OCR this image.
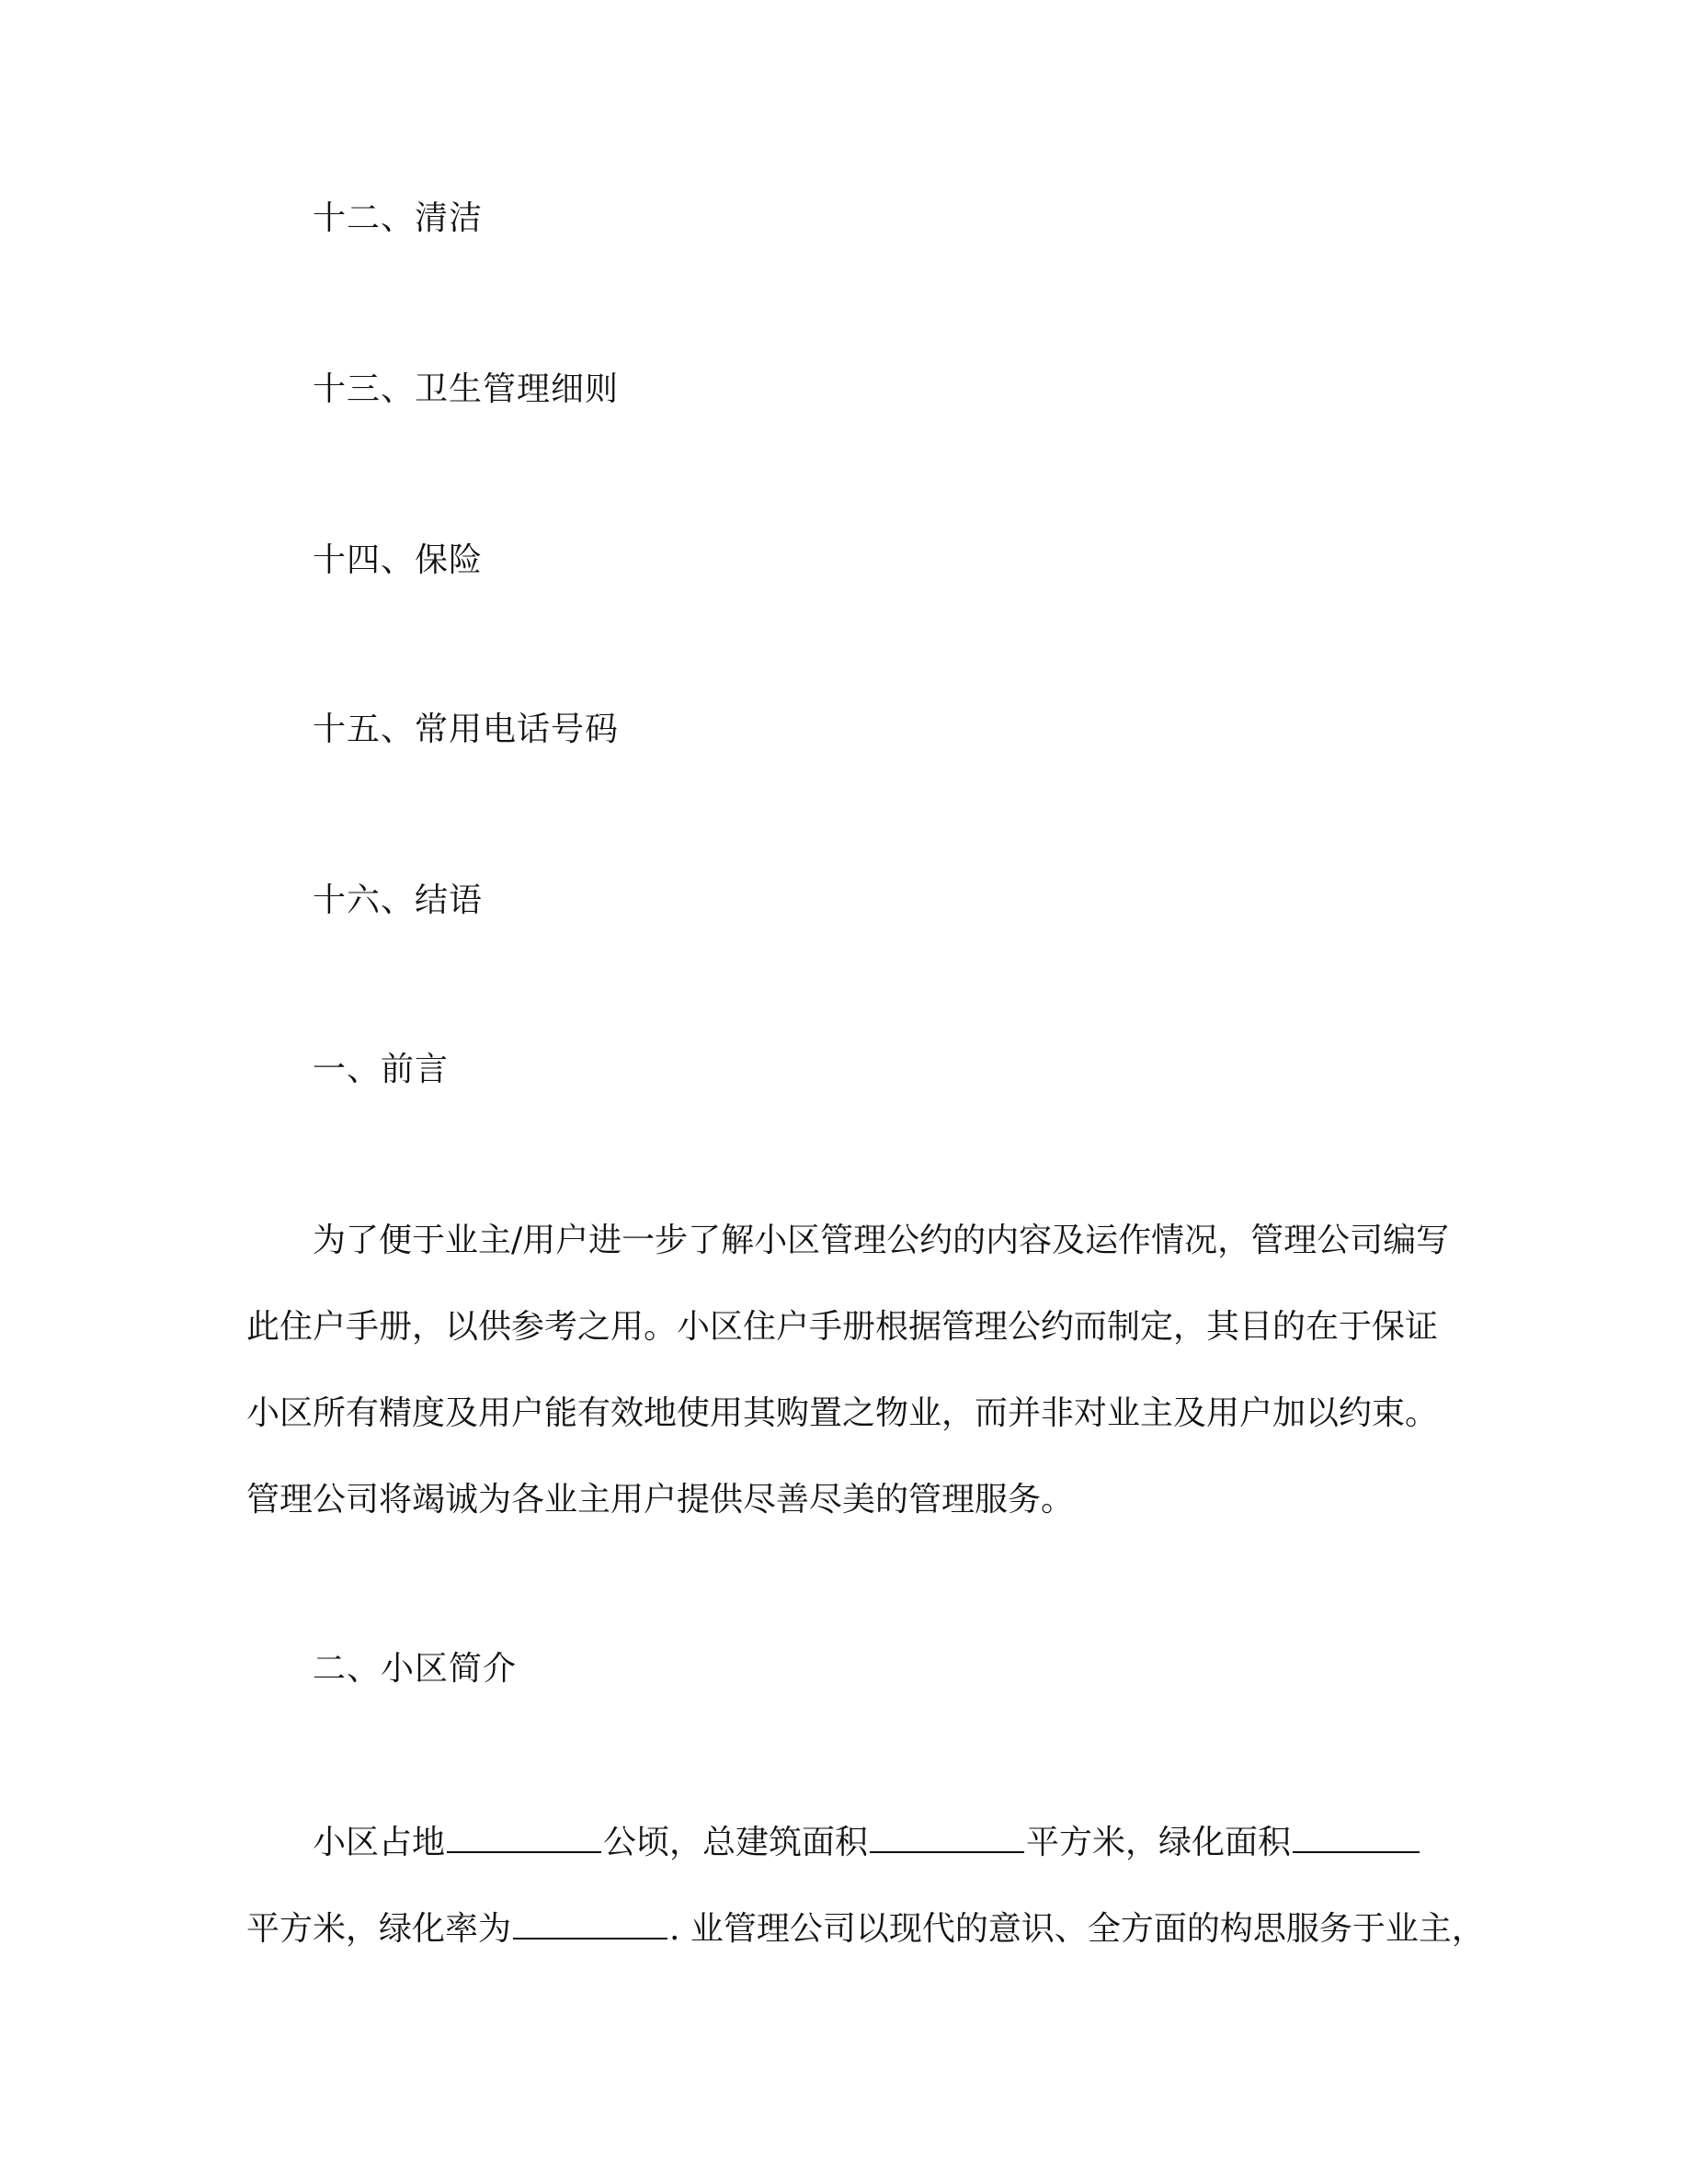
十二、清洁
十三、卫生管理细则
十四、保险
十五、常用电话号码
十六、结语
一、前言
为了便于业主/用户进一步了解小区管理公约的内容及运作情况，管理公司编写
此住户手册，以供参考之用。小区住户手册根据管理公约而制定，其目的在于保证
小区所有精度及用户能有效地使用其购置之物业，而并非对业主及用户加以约束。
管理公司将竭诚为各业主用户提供尽善尽美的管理服务。
二、小区简介
小区占地	公顷，总建筑面积	平方米，绿化面积
平方米，绿化率为	. 业管理公司以现代的意识、全方面的构思服务于业主，
